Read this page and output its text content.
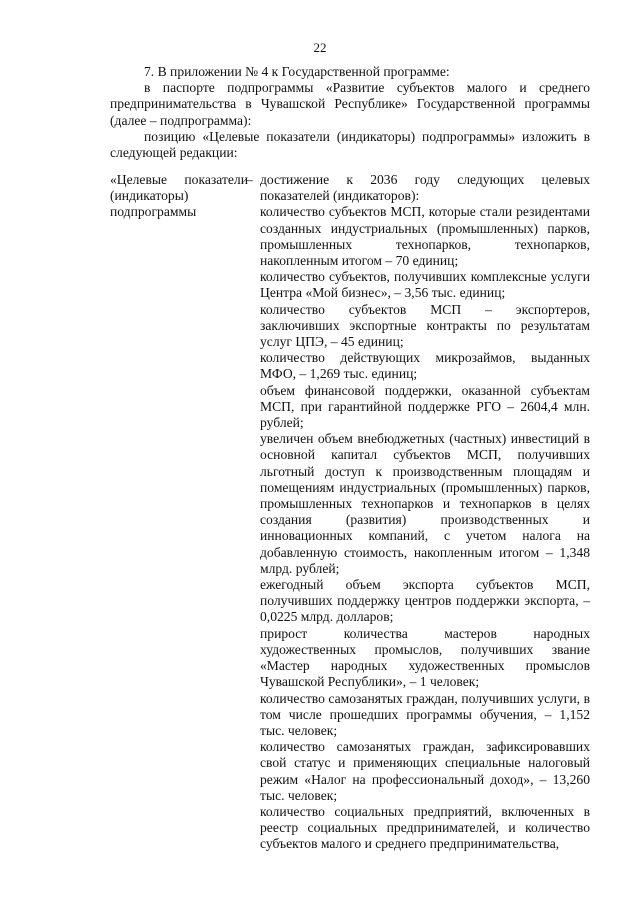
22

7. В приложении № 4 к Государственной программе:

в паспорте подпрограммы «Развитие субъектов малого и среднего предпринимательства в Чувашской Республике» Государственной программы (далее – подпрограмма):

позицию «Целевые показатели (индикаторы) подпрограммы» изложить в следующей редакции:

«Целевые показатели (индикаторы) подпрограммы
– достижение к 2036 году следующих целевых показателей (индикаторов):

количество субъектов МСП, которые стали резидентами созданных индустриальных (промышленных) парков, промышленных технопарков, технопарков, накопленным итогом – 70 единиц;

количество субъектов, получивших комплексные услуги Центра «Мой бизнес», – 3,56 тыс. единиц;

количество субъектов МСП – экспортеров, заключивших экспортные контракты по результатам услуг ЦПЭ, – 45 единиц;

количество действующих микрозаймов, выданных МФО, – 1,269 тыс. единиц;

объем финансовой поддержки, оказанной субъектам МСП, при гарантийной поддержке РГО – 2604,4 млн. рублей;

увеличен объем внебюджетных (частных) инвестиций в основной капитал субъектов МСП, получивших льготный доступ к производственным площадям и помещениям индустриальных (промышленных) парков, промышленных технопарков и технопарков в целях создания (развития) производственных и инновационных компаний, с учетом налога на добавленную стоимость, накопленным итогом – 1,348 млрд. рублей;

ежегодный объем экспорта субъектов МСП, получивших поддержку центров поддержки экспорта, – 0,0225 млрд. долларов;

прирост количества мастеров народных художественных промыслов, получивших звание «Мастер народных художественных промыслов Чувашской Республики», – 1 человек;

количество самозанятых граждан, получивших услуги, в том числе прошедших программы обучения, – 1,152 тыс. человек;

количество самозанятых граждан, зафиксировавших свой статус и применяющих специальные налоговый режим «Налог на профессиональный доход», – 13,260 тыс. человек;

количество социальных предприятий, включенных в реестр социальных предпринимателей, и количество субъектов малого и среднего предпринимательства,
